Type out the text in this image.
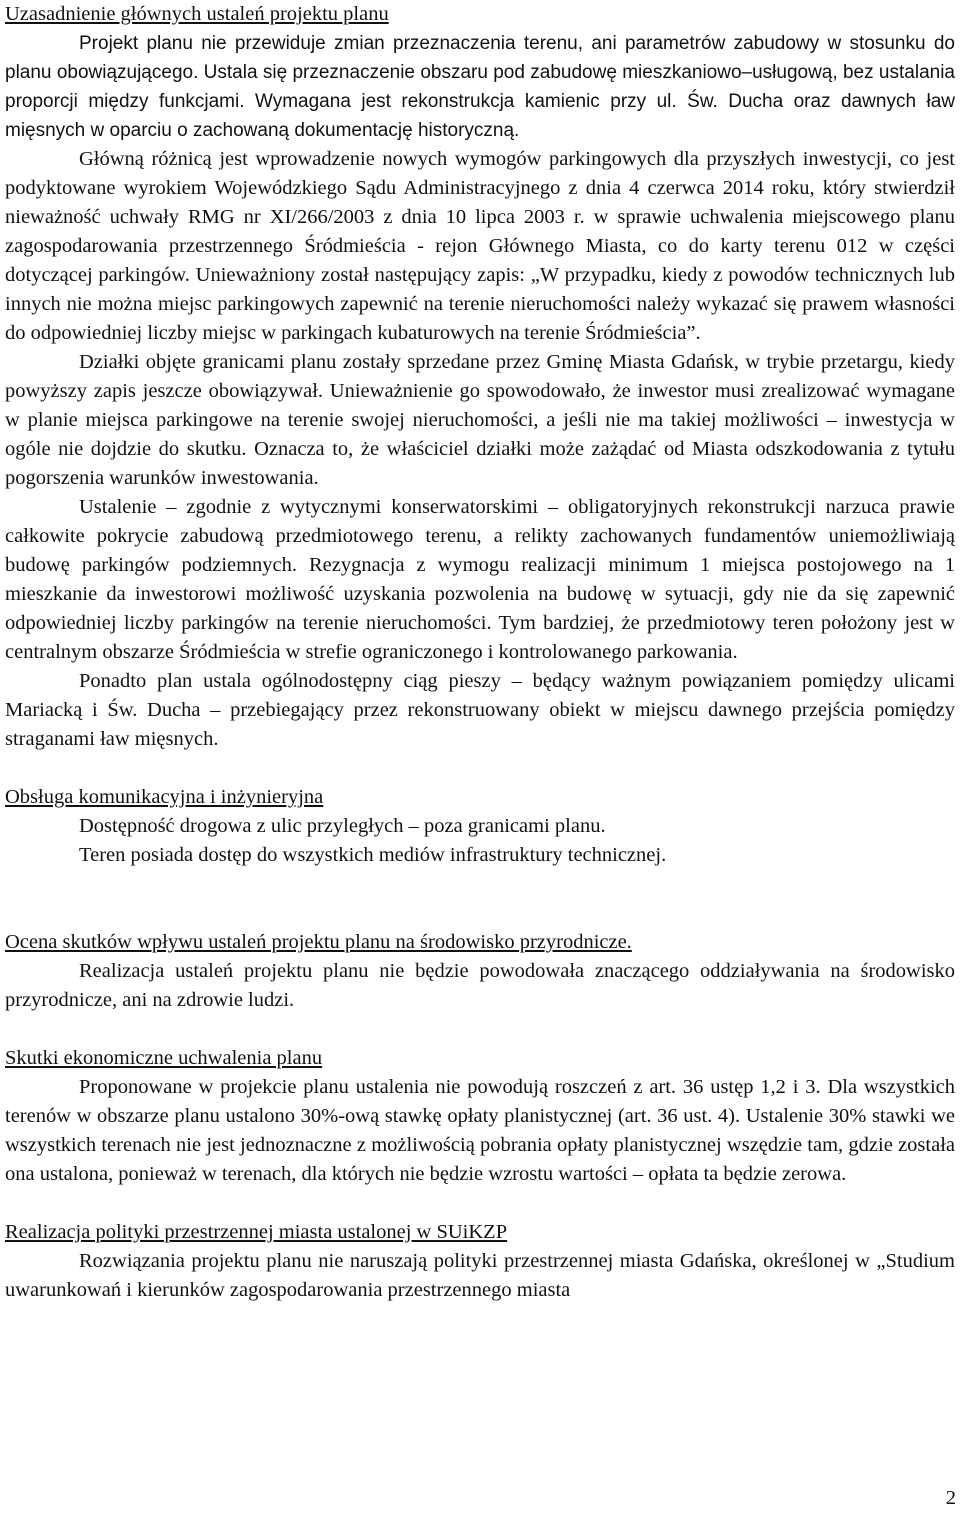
Uzasadnienie głównych ustaleń projektu planu

Projekt planu nie przewiduje zmian przeznaczenia terenu, ani parametrów zabudowy w stosunku do planu obowiązującego. Ustala się przeznaczenie obszaru pod zabudowę mieszkaniowo–usługową, bez ustalania proporcji między funkcjami. Wymagana jest rekonstrukcja kamienic przy ul. Św. Ducha oraz dawnych ław mięsnych w oparciu o zachowaną dokumentację historyczną.

Główną różnicą jest wprowadzenie nowych wymogów parkingowych dla przyszłych inwestycji, co jest podyktowane wyrokiem Wojewódzkiego Sądu Administracyjnego z dnia 4 czerwca 2014 roku, który stwierdził nieważność uchwały RMG nr XI/266/2003 z dnia 10 lipca 2003 r. w sprawie uchwalenia miejscowego planu zagospodarowania przestrzennego Śródmieścia - rejon Głównego Miasta, co do karty terenu 012 w części dotyczącej parkingów. Unieważniony został następujący zapis: „W przypadku, kiedy z powodów technicznych lub innych nie można miejsc parkingowych zapewnić na terenie nieruchomości należy wykazać się prawem własności do odpowiedniej liczby miejsc w parkingach kubaturowych na terenie Śródmieścia”.

Działki objęte granicami planu zostały sprzedane przez Gminę Miasta Gdańsk, w trybie przetargu, kiedy powyższy zapis jeszcze obowiązywał. Unieważnienie go spowodowało, że inwestor musi zrealizować wymagane w planie miejsca parkingowe na terenie swojej nieruchomości, a jeśli nie ma takiej możliwości – inwestycja w ogóle nie dojdzie do skutku. Oznacza to, że właściciel działki może zażądać od Miasta odszkodowania z tytułu pogorszenia warunków inwestowania.

Ustalenie – zgodnie z wytycznymi konserwatorskimi – obligatoryjnych rekonstrukcji narzuca prawie całkowite pokrycie zabudową przedmiotowego terenu, a relikty zachowanych fundamentów uniemożliwiają budowę parkingów podziemnych. Rezygnacja z wymogu realizacji minimum 1 miejsca postojowego na 1 mieszkanie da inwestorowi możliwość uzyskania pozwolenia na budowę w sytuacji, gdy nie da się zapewnić odpowiedniej liczby parkingów na terenie nieruchomości. Tym bardziej, że przedmiotowy teren położony jest w centralnym obszarze Śródmieścia w strefie ograniczonego i kontrolowanego parkowania.

Ponadto plan ustala ogólnodostępny ciąg pieszy – będący ważnym powiązaniem pomiędzy ulicami Mariacką i Św. Ducha – przebiegający przez rekonstruowany obiekt w miejscu dawnego przejścia pomiędzy straganami ław mięsnych.

Obsługa komunikacyjna i inżynieryjna

Dostępność drogowa z ulic przyległych – poza granicami planu.

Teren posiada dostęp do wszystkich mediów infrastruktury technicznej.

Ocena skutków wpływu ustaleń projektu planu na środowisko przyrodnicze.

Realizacja ustaleń projektu planu nie będzie powodowała znaczącego oddziaływania na środowisko przyrodnicze, ani na zdrowie ludzi.

Skutki ekonomiczne uchwalenia planu

Proponowane w projekcie planu ustalenia nie powodują roszczeń z art. 36 ustęp 1,2 i 3. Dla wszystkich terenów w obszarze planu ustalono 30%-ową stawkę opłaty planistycznej (art. 36 ust. 4). Ustalenie 30% stawki we wszystkich terenach nie jest jednoznaczne z możliwością pobrania opłaty planistycznej wszędzie tam, gdzie została ona ustalona, ponieważ w terenach, dla których nie będzie wzrostu wartości – opłata ta będzie zerowa.

Realizacja polityki przestrzennej miasta ustalonej w SUiKZP

Rozwiązania projektu planu nie naruszają polityki przestrzennej miasta Gdańska, określonej w „Studium uwarunkowań i kierunków zagospodarowania przestrzennego miasta

2
